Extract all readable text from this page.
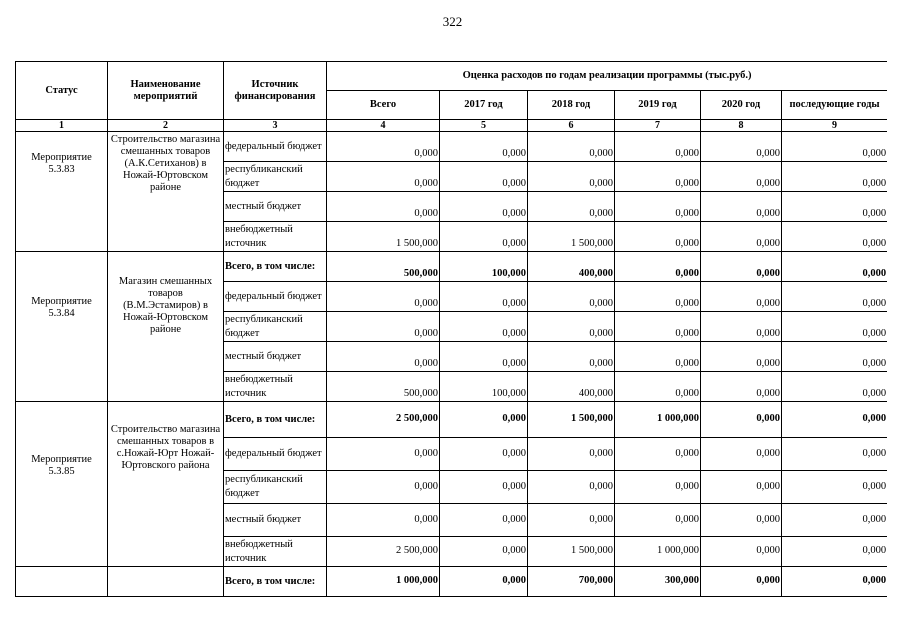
322
Статус	Наименование мероприятий	Источник финансирования	Оценка расходов по годам реализации программы (тыс.руб.)					
			Всего	2017 год	2018 год	2019 год	2020 год	последующие годы
1	2	3	4	5	6	7	8	9
Мероприятие 5.3.83	Строительство магазина смешанных товаров (А.К.Сетиханов) в Ножай-Юртовском районе	федеральный бюджет	0,000	0,000	0,000	0,000	0,000	0,000
		республиканский бюджет	0,000	0,000	0,000	0,000	0,000	0,000
		местный бюджет	0,000	0,000	0,000	0,000	0,000	0,000
		внебюджетный источник	1 500,000	0,000	1 500,000	0,000	0,000	0,000
Мероприятие 5.3.84	Магазин смешанных товаров (В.М.Эстамиров) в Ножай-Юртовском районе	Всего, в том числе:	500,000	100,000	400,000	0,000	0,000	0,000
		федеральный бюджет	0,000	0,000	0,000	0,000	0,000	0,000
		республиканский бюджет	0,000	0,000	0,000	0,000	0,000	0,000
		местный бюджет	0,000	0,000	0,000	0,000	0,000	0,000
		внебюджетный источник	500,000	100,000	400,000	0,000	0,000	0,000
Мероприятие 5.3.85	Строительство магазина смешанных товаров в с.Ножай-Юрт Ножай-Юртовского района	Всего, в том числе:	2 500,000	0,000	1 500,000	1 000,000	0,000	0,000
		федеральный бюджет	0,000	0,000	0,000	0,000	0,000	0,000
		республиканский бюджет	0,000	0,000	0,000	0,000	0,000	0,000
		местный бюджет	0,000	0,000	0,000	0,000	0,000	0,000
		внебюджетный источник	2 500,000	0,000	1 500,000	1 000,000	0,000	0,000
		Всего, в том числе:	1 000,000	0,000	700,000	300,000	0,000	0,000
